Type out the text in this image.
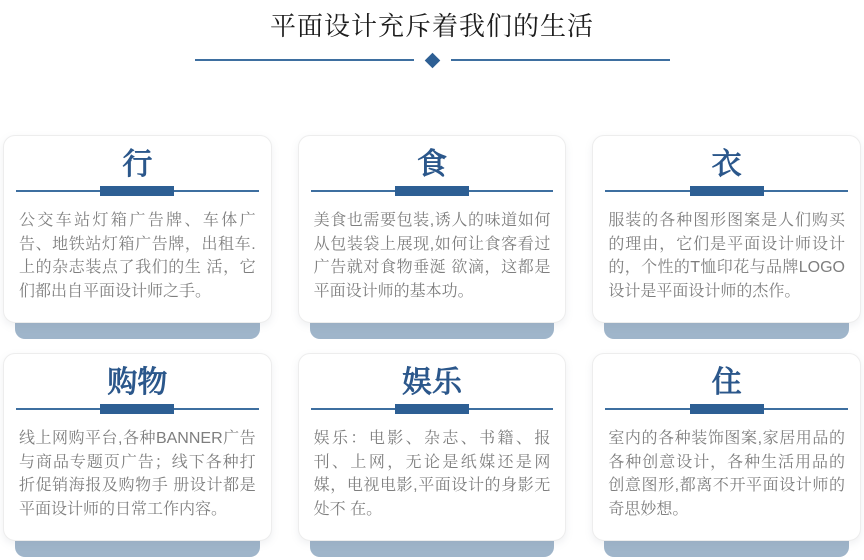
平面设计充斥着我们的生活
行

公交车站灯箱广告牌、车体广告、地铁站灯箱广告牌，出租车.上的杂志装点了我们的生 活，它们都出自平面设计师之手。

食

美食也需要包装,诱人的味道如何从包装袋上展现,如何让食客看过广告就对食物垂涎 欲滴，这都是平面设计师的基本功。

衣

服装的各种图形图案是人们购买的理由，它们是平面设计师设计的，个性的T恤印花与品牌LOGO设计是平面设计师的杰作。

购物

线上网购平台,各种BANNER广告与商品专题页广告；线下各种打折促销海报及购物手 册设计都是平面设计师的日常工作内容。

娱乐

娱乐：电影、杂志、书籍、报刊、上网，无论是纸媒还是网媒，电视电影,平面设计的身影无处不 在。

住

室内的各种装饰图案,家居用品的各种创意设计，各种生活用品的创意图形,都离不开平面设计师的奇思妙想。
